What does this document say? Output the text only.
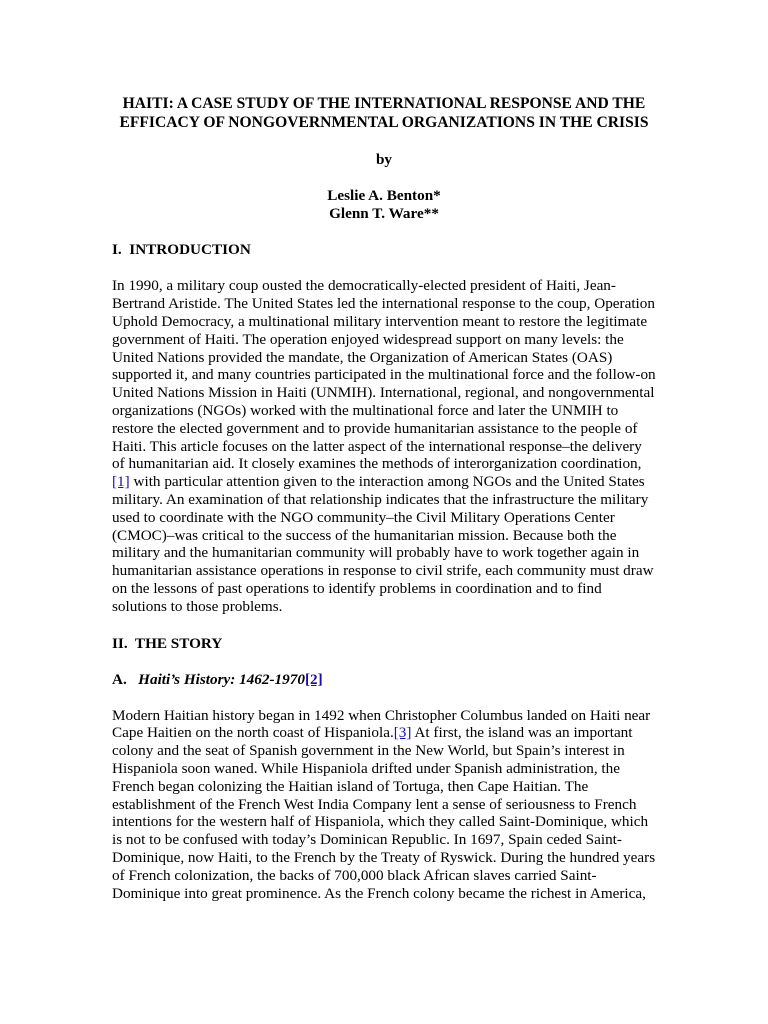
HAITI: A CASE STUDY OF THE INTERNATIONAL RESPONSE AND THE EFFICACY OF NONGOVERNMENTAL ORGANIZATIONS IN THE CRISIS

by

Leslie A. Benton*
Glenn T. Ware**

I.  INTRODUCTION

In 1990, a military coup ousted the democratically-elected president of Haiti, Jean-Bertrand Aristide. The United States led the international response to the coup, Operation Uphold Democracy, a multinational military intervention meant to restore the legitimate government of Haiti. The operation enjoyed widespread support on many levels: the United Nations provided the mandate, the Organization of American States (OAS) supported it, and many countries participated in the multinational force and the follow-on United Nations Mission in Haiti (UNMIH). International, regional, and nongovernmental organizations (NGOs) worked with the multinational force and later the UNMIH to restore the elected government and to provide humanitarian assistance to the people of Haiti. This article focuses on the latter aspect of the international response–the delivery of humanitarian aid. It closely examines the methods of interorganization coordination,[1] with particular attention given to the interaction among NGOs and the United States military. An examination of that relationship indicates that the infrastructure the military used to coordinate with the NGO community–the Civil Military Operations Center (CMOC)–was critical to the success of the humanitarian mission. Because both the military and the humanitarian community will probably have to work together again in humanitarian assistance operations in response to civil strife, each community must draw on the lessons of past operations to identify problems in coordination and to find solutions to those problems.

II.  THE STORY
A. Haiti’s History: 1462-1970[2]

Modern Haitian history began in 1492 when Christopher Columbus landed on Haiti near Cape Haitien on the north coast of Hispaniola.[3] At first, the island was an important colony and the seat of Spanish government in the New World, but Spain’s interest in Hispaniola soon waned. While Hispaniola drifted under Spanish administration, the French began colonizing the Haitian island of Tortuga, then Cape Haitian. The establishment of the French West India Company lent a sense of seriousness to French intentions for the western half of Hispaniola, which they called Saint-Dominique, which is not to be confused with today’s Dominican Republic. In 1697, Spain ceded Saint-Dominique, now Haiti, to the French by the Treaty of Ryswick. During the hundred years of French colonization, the backs of 700,000 black African slaves carried Saint-Dominique into great prominence. As the French colony became the richest in America,
